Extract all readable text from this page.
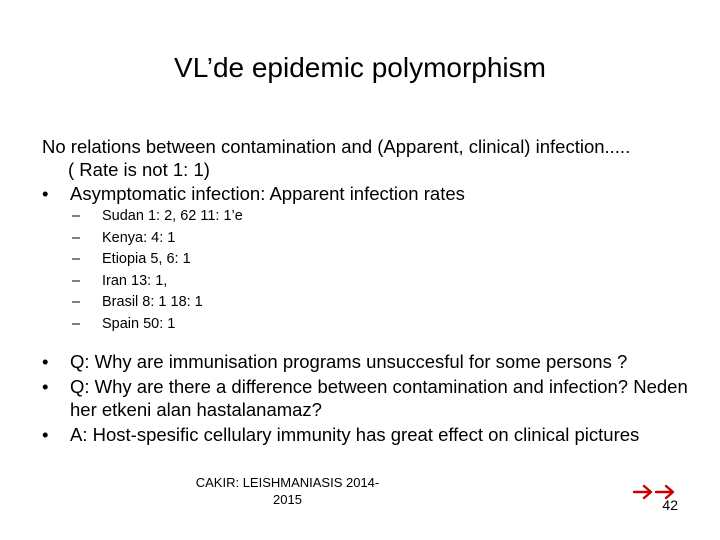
VL’de epidemic polymorphism
No relations between contamination and (Apparent, clinical) infection.....
( Rate is not 1: 1)
•	Asymptomatic infection: Apparent infection rates
– Sudan 1: 2, 62 11: 1’e
– Kenya: 4: 1
– Etiopia 5, 6: 1
– Iran 13: 1,
– Brasil 8: 1 18: 1
– Spain 50: 1
•	Q: Why are immunisation programs unsuccesful for some persons ?
•	Q: Why are there a difference between contamination and infection? Neden her etkeni alan hastalanamaz?
•	A: Host-spesific cellulary immunity has great effect on clinical pictures
CAKIR: LEISHMANIASIS 2014-
2015	42
